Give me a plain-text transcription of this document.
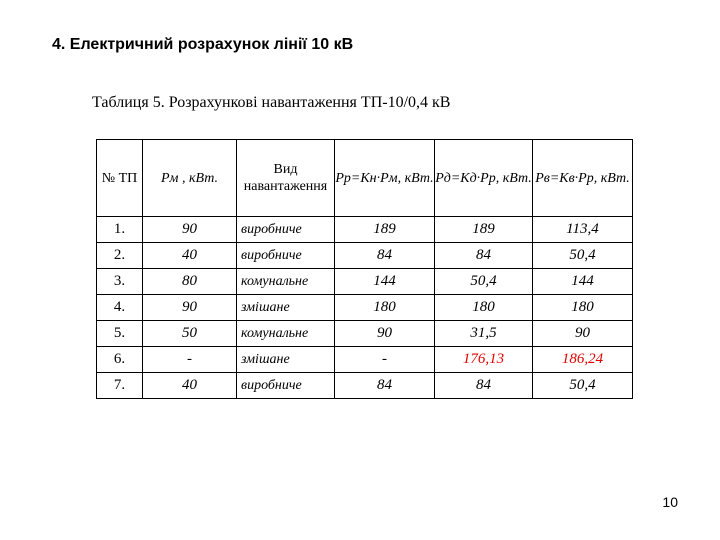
4. Електричний розрахунок лінії 10 кВ
Таблиця 5. Розрахункові навантаження ТП-10/0,4 кВ
№ ТП	Pм , кВт.	Вид навантаження	Pр=Кн·Pм, кВт.	Pд=Кд·Pр, кВт.	Pв=Кв·Pр, кВт.
1.	90	виробниче	189	189	113,4
2.	40	виробниче	84	84	50,4
3.	80	комунальне	144	50,4	144
4.	90	змішане	180	180	180
5.	50	комунальне	90	31,5	90
6.	-	змішане	-	176,13	186,24
7.	40	виробниче	84	84	50,4
10
